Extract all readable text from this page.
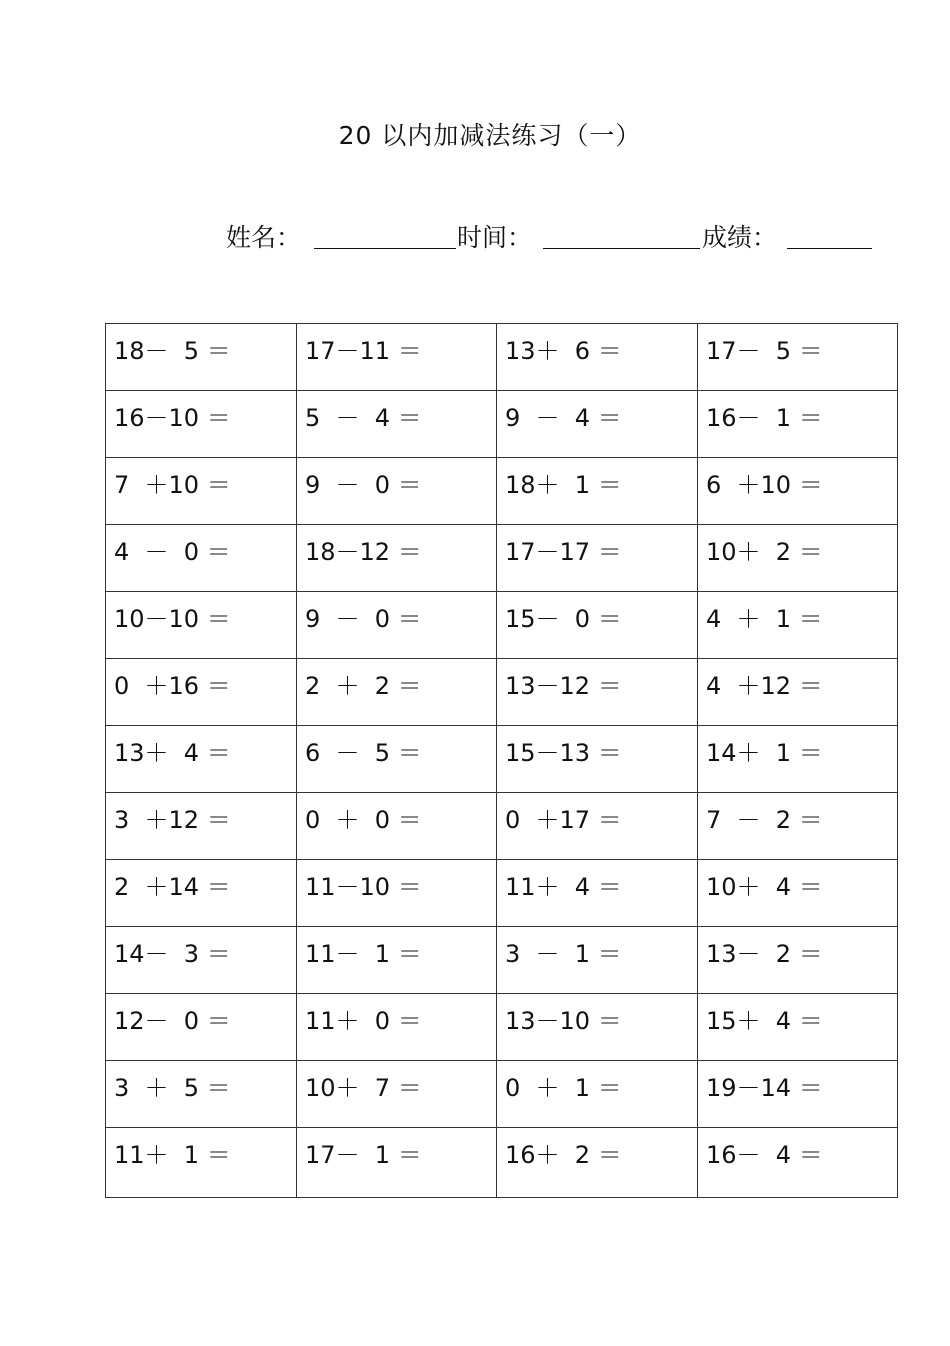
20 以内加减法练习（一）
姓名：	时间：	成绩：
18－  5 ＝	17－11 ＝	13＋  6 ＝	17－  5 ＝
16－10 ＝	5  －  4 ＝	9  －  4 ＝	16－  1 ＝
7  ＋10 ＝	9  －  0 ＝	18＋  1 ＝	6  ＋10 ＝
4  －  0 ＝	18－12 ＝	17－17 ＝	10＋  2 ＝
10－10 ＝	9  －  0 ＝	15－  0 ＝	4  ＋  1 ＝
0  ＋16 ＝	2  ＋  2 ＝	13－12 ＝	4  ＋12 ＝
13＋  4 ＝	6  －  5 ＝	15－13 ＝	14＋  1 ＝
3  ＋12 ＝	0  ＋  0 ＝	0  ＋17 ＝	7  －  2 ＝
2  ＋14 ＝	11－10 ＝	11＋  4 ＝	10＋  4 ＝
14－  3 ＝	11－  1 ＝	3  －  1 ＝	13－  2 ＝
12－  0 ＝	11＋  0 ＝	13－10 ＝	15＋  4 ＝
3  ＋  5 ＝	10＋  7 ＝	0  ＋  1 ＝	19－14 ＝
11＋  1 ＝	17－  1 ＝	16＋  2 ＝	16－  4 ＝
